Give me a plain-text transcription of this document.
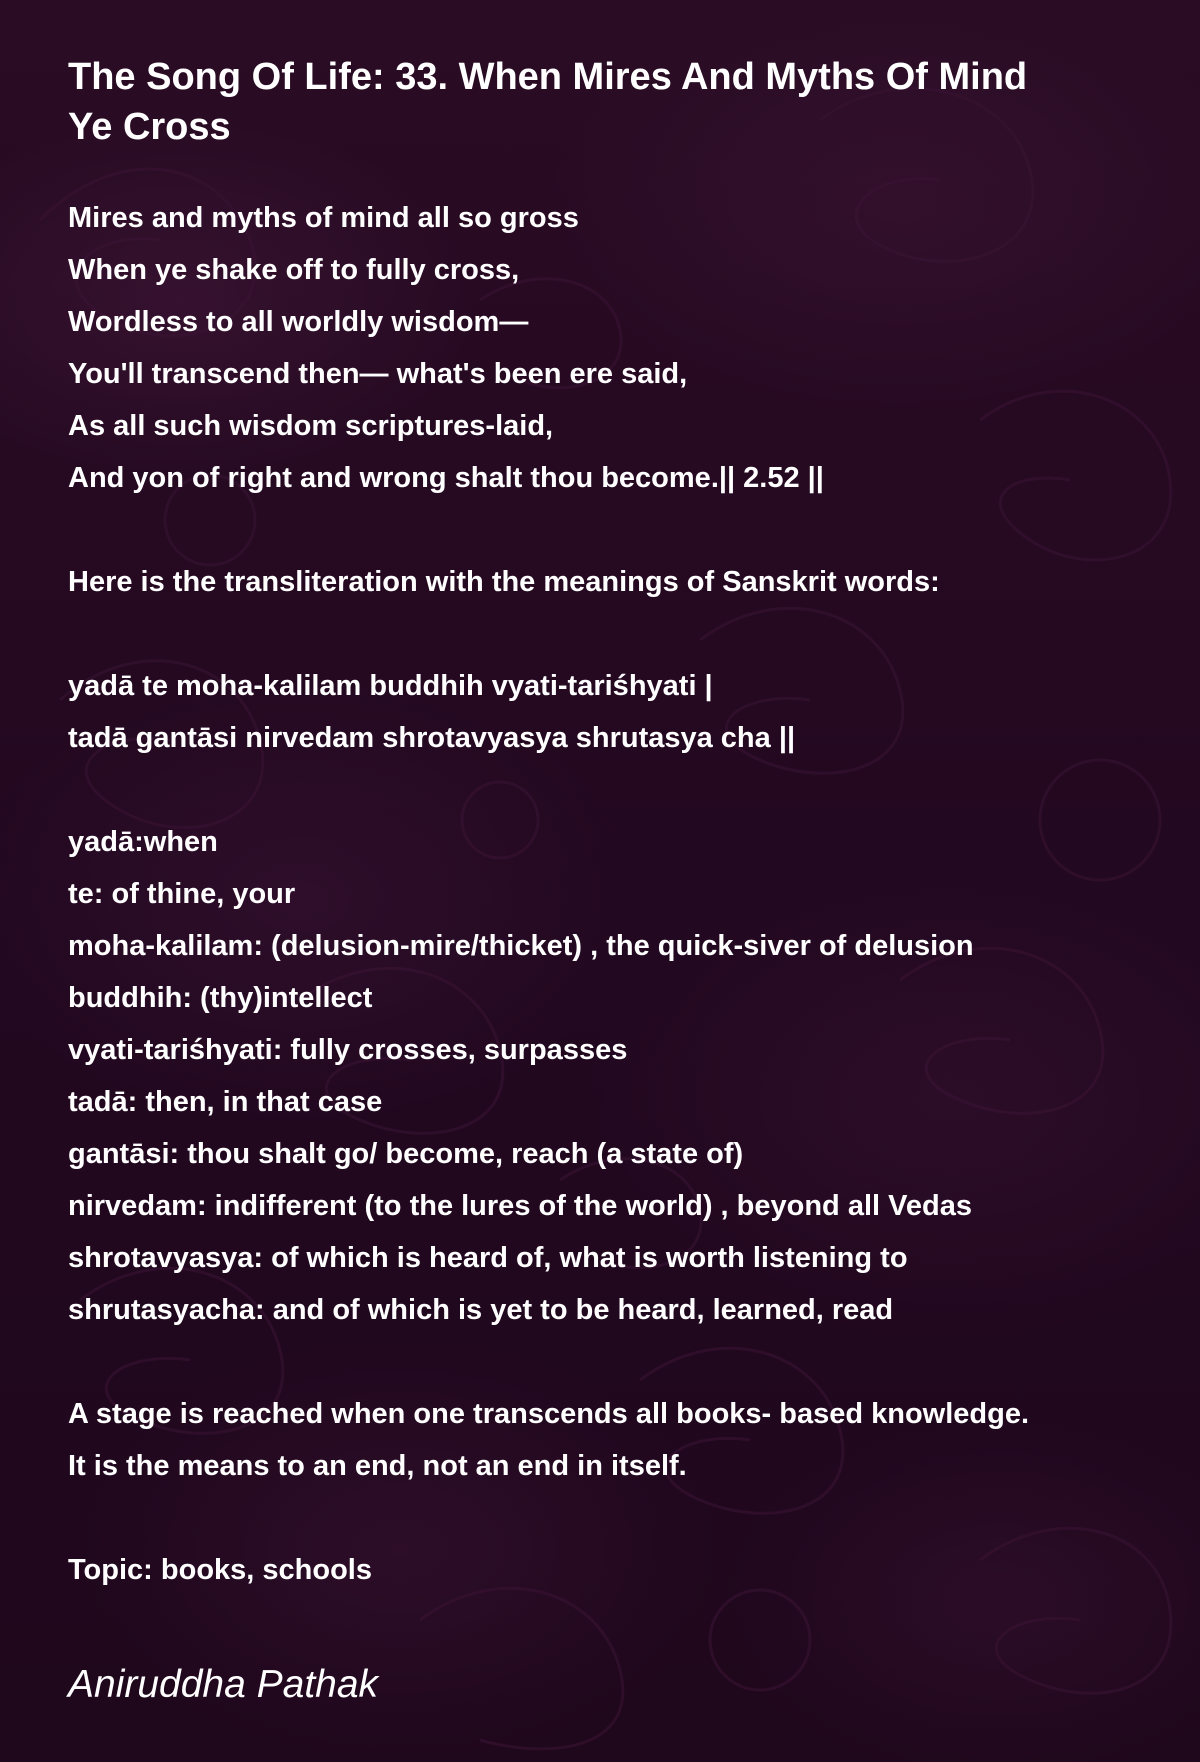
The Song Of Life: 33. When Mires And Myths Of Mind Ye Cross
Mires and myths of mind all so gross
When ye shake off to fully cross,
Wordless to all worldly wisdom—
You'll transcend then— what's been ere said,
As all such wisdom scriptures-laid,
And yon of right and wrong shalt thou become.|| 2.52 ||
Here is the transliteration with the meanings of Sanskrit words:
yadā te moha-kalilam buddhih vyati-tariśhyati |
tadā gantāsi nirvedam shrotavyasya shrutasya cha ||
yadā:when
te: of thine, your
moha-kalilam: (delusion-mire/thicket) , the quick-siver of delusion
buddhih: (thy)intellect
vyati-tariśhyati: fully crosses, surpasses
tadā: then, in that case
gantāsi: thou shalt go/ become, reach (a state of)
nirvedam: indifferent (to the lures of the world) , beyond all Vedas
shrotavyasya: of which is heard of, what is worth listening to
shrutasyacha: and of which is yet to be heard, learned, read
A stage is reached when one transcends all books- based knowledge.
It is the means to an end, not an end in itself.
Topic: books, schools
Aniruddha Pathak
